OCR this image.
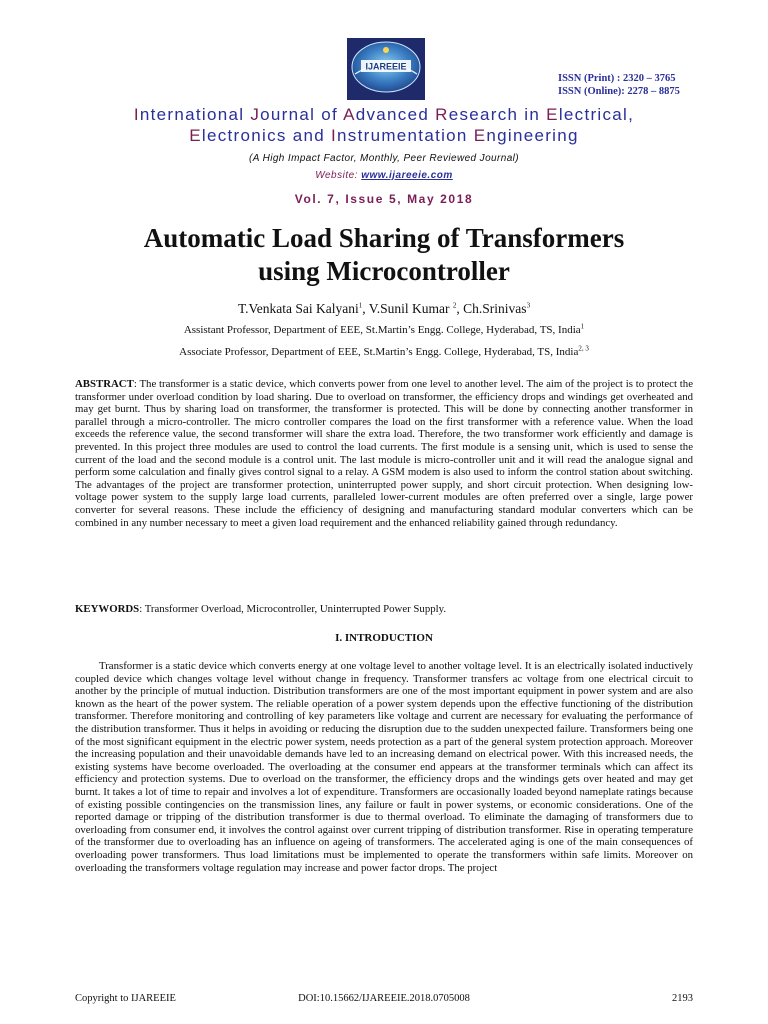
IJAREEIE
ISSN (Print) : 2320 – 3765
ISSN (Online): 2278 – 8875
International Journal of Advanced Research in Electrical,
Electronics and Instrumentation Engineering
(A High Impact Factor, Monthly, Peer Reviewed Journal)
Website: www.ijareeie.com
Vol. 7, Issue 5, May 2018
Automatic Load Sharing of Transformers
using Microcontroller
T.Venkata Sai Kalyani$^1$, V.Sunil Kumar $^2$, Ch.Srinivas$^3$
Assistant Professor, Department of EEE, St.Martin’s Engg. College, Hyderabad, TS, India$^1$
Associate Professor, Department of EEE, St.Martin’s Engg. College, Hyderabad, TS, India$^{2, 3}$
ABSTRACT: The transformer is a static device, which converts power from one level to another level. The aim of the project is to protect the transformer under overload condition by load sharing. Due to overload on transformer, the efficiency drops and windings get overheated and may get burnt. Thus by sharing load on transformer, the transformer is protected. This will be done by connecting another transformer in parallel through a micro-controller. The micro controller compares the load on the first transformer with a reference value. When the load exceeds the reference value, the second transformer will share the extra load. Therefore, the two transformer work efficiently and damage is prevented. In this project three modules are used to control the load currents. The first module is a sensing unit, which is used to sense the current of the load and the second module is a control unit. The last module is micro-controller unit and it will read the analogue signal and perform some calculation and finally gives control signal to a relay. A GSM modem is also used to inform the control station about switching. The advantages of the project are transformer protection, uninterrupted power supply, and short circuit protection. When designing low-voltage power system to the supply large load currents, paralleled lower-current modules are often preferred over a single, large power converter for several reasons. These include the efficiency of designing and manufacturing standard modular converters which can be combined in any number necessary to meet a given load requirement and the enhanced reliability gained through redundancy.
KEYWORDS: Transformer Overload, Microcontroller, Uninterrupted Power Supply.
I. INTRODUCTION
Transformer is a static device which converts energy at one voltage level to another voltage level. It is an electrically isolated inductively coupled device which changes voltage level without change in frequency. Transformer transfers ac voltage from one electrical circuit to another by the principle of mutual induction. Distribution transformers are one of the most important equipment in power system and are also known as the heart of the power system. The reliable operation of a power system depends upon the effective functioning of the distribution transformer. Therefore monitoring and controlling of key parameters like voltage and current are necessary for evaluating the performance of the distribution transformer. Thus it helps in avoiding or reducing the disruption due to the sudden unexpected failure. Transformers being one of the most significant equipment in the electric power system, needs protection as a part of the general system protection approach. Moreover the increasing population and their unavoidable demands have led to an increasing demand on electrical power. With this increased needs, the existing systems have become overloaded. The overloading at the consumer end appears at the transformer terminals which can affect its efficiency and protection systems. Due to overload on the transformer, the efficiency drops and the windings gets over heated and may get burnt. It takes a lot of time to repair and involves a lot of expenditure. Transformers are occasionally loaded beyond nameplate ratings because of existing possible contingencies on the transmission lines, any failure or fault in power systems, or economic considerations. One of the reported damage or tripping of the distribution transformer is due to thermal overload. To eliminate the damaging of transformers due to overloading from consumer end, it involves the control against over current tripping of distribution transformer. Rise in operating temperature of the transformer due to overloading has an influence on ageing of transformers. The accelerated aging is one of the main consequences of overloading power transformers. Thus load limitations must be implemented to operate the transformers within safe limits. Moreover on overloading the transformers voltage regulation may increase and power factor drops. The project
Copyright to IJAREEIE	DOI:10.15662/IJAREEIE.2018.0705008	2193
